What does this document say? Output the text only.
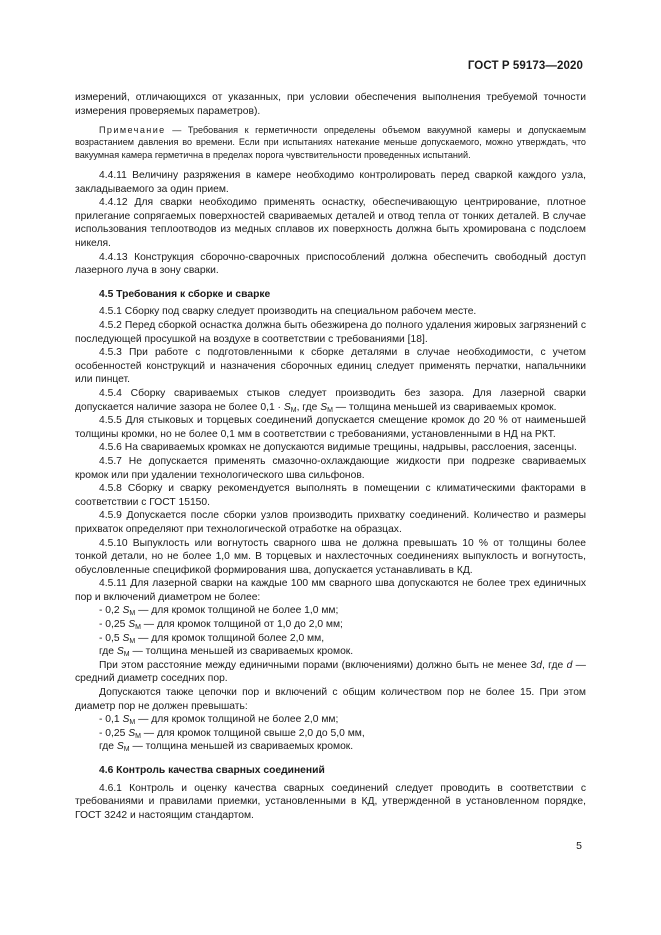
ГОСТ Р 59173—2020

измерений, отличающихся от указанных, при условии обеспечения выполнения требуемой точности измерения проверяемых параметров).

Примечание — Требования к герметичности определены объемом вакуумной камеры и допускаемым возрастанием давления во времени. Если при испытаниях натекание меньше допускаемого, можно утверждать, что вакуумная камера герметична в пределах порога чувствительности проведенных испытаний.

4.4.11 Величину разряжения в камере необходимо контролировать перед сваркой каждого узла, закладываемого за один прием.

4.4.12 Для сварки необходимо применять оснастку, обеспечивающую центрирование, плотное прилегание сопрягаемых поверхностей свариваемых деталей и отвод тепла от тонких деталей. В случае использования теплоотводов из медных сплавов их поверхность должна быть хромирована с подслоем никеля.

4.4.13 Конструкция сборочно-сварочных приспособлений должна обеспечить свободный доступ лазерного луча в зону сварки.

4.5 Требования к сборке и сварке

4.5.1 Сборку под сварку следует производить на специальном рабочем месте.

4.5.2 Перед сборкой оснастка должна быть обезжирена до полного удаления жировых загрязнений с последующей просушкой на воздухе в соответствии с требованиями [18].

4.5.3 При работе с подготовленными к сборке деталями в случае необходимости, с учетом особенностей конструкций и назначения сборочных единиц следует применять перчатки, напальчники или пинцет.

4.5.4 Сборку свариваемых стыков следует производить без зазора. Для лазерной сварки допускается наличие зазора не более $0,1 \cdot S_М$, где $S_М$ — толщина меньшей из свариваемых кромок.

4.5.5 Для стыковых и торцевых соединений допускается смещение кромок до 20 % от наименьшей толщины кромки, но не более 0,1 мм в соответствии с требованиями, установленными в НД на РКТ.

4.5.6 На свариваемых кромках не допускаются видимые трещины, надрывы, расслоения, засенцы.

4.5.7 Не допускается применять смазочно-охлаждающие жидкости при подрезке свариваемых кромок или при удалении технологического шва сильфонов.

4.5.8 Сборку и сварку рекомендуется выполнять в помещении с климатическими факторами в соответствии с ГОСТ 15150.

4.5.9 Допускается после сборки узлов производить прихватку соединений. Количество и размеры прихваток определяют при технологической отработке на образцах.

4.5.10 Выпуклость или вогнутость сварного шва не должна превышать 10 % от толщины более тонкой детали, но не более 1,0 мм. В торцевых и нахлесточных соединениях выпуклость и вогнутость, обусловленные спецификой формирования шва, допускается устанавливать в КД.

4.5.11 Для лазерной сварки на каждые 100 мм сварного шва допускаются не более трех единичных пор и включений диаметром не более:

- 0,2 $S_М$ — для кромок толщиной не более 1,0 мм;

- 0,25 $S_М$ — для кромок толщиной от 1,0 до 2,0 мм;

- 0,5 $S_М$ — для кромок толщиной более 2,0 мм,

где $S_М$ — толщина меньшей из свариваемых кромок.

При этом расстояние между единичными порами (включениями) должно быть не менее 3d, где d — средний диаметр соседних пор.

Допускаются также цепочки пор и включений с общим количеством пор не более 15. При этом диаметр пор не должен превышать:

- 0,1 $S_М$ — для кромок толщиной не более 2,0 мм;

- 0,25 $S_М$ — для кромок толщиной свыше 2,0 до 5,0 мм,

где $S_М$ — толщина меньшей из свариваемых кромок.

4.6 Контроль качества сварных соединений

4.6.1 Контроль и оценку качества сварных соединений следует проводить в соответствии с требованиями и правилами приемки, установленными в КД, утвержденной в установленном порядке, ГОСТ 3242 и настоящим стандартом.

5
